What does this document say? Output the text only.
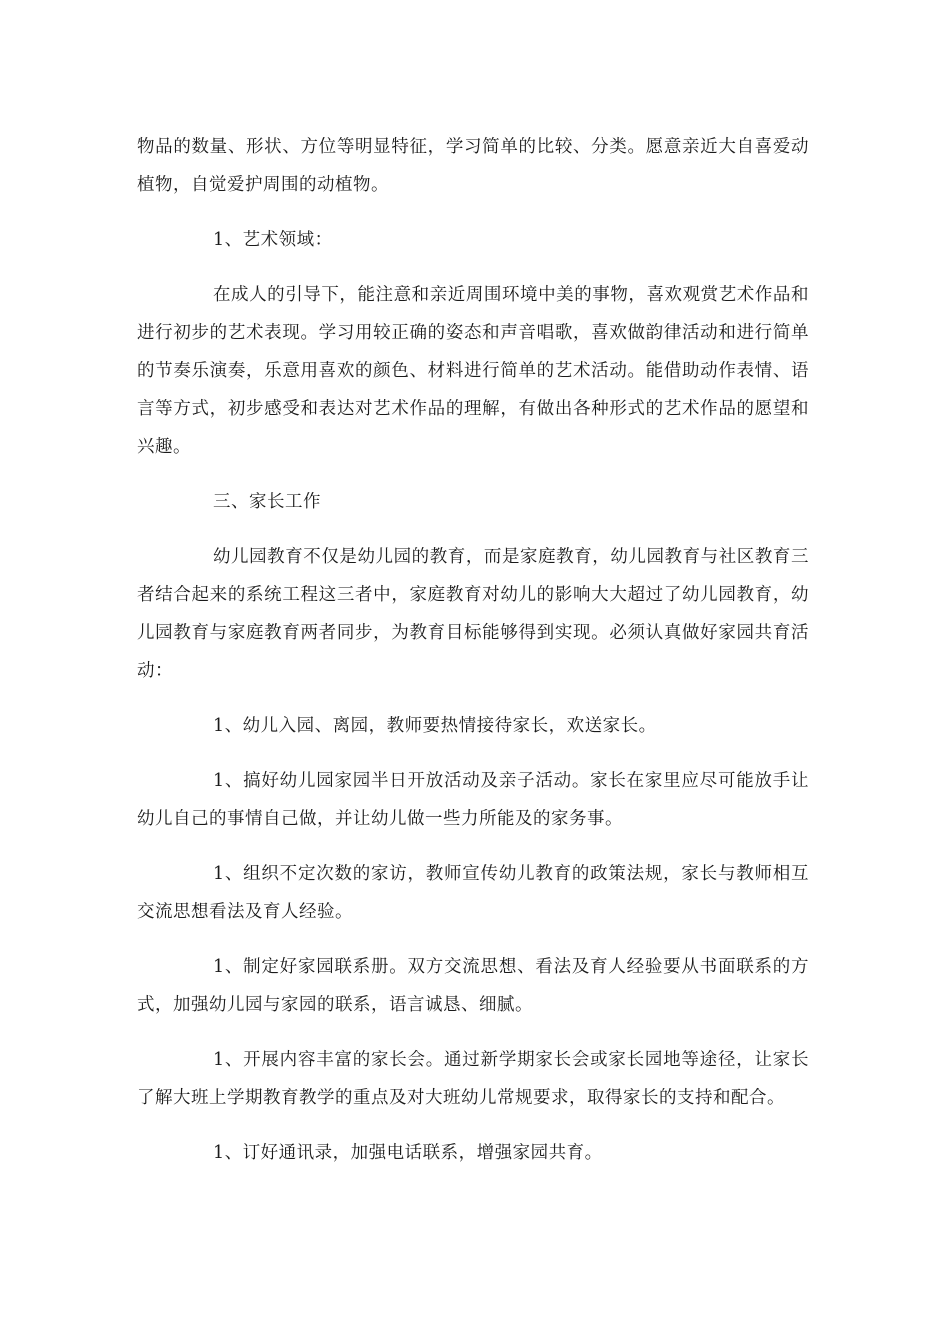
物品的数量、形状、方位等明显特征，学习简单的比较、分类。愿意亲近大自喜爱动植物，自觉爱护周围的动植物。

1、艺术领域：

在成人的引导下，能注意和亲近周围环境中美的事物，喜欢观赏艺术作品和进行初步的艺术表现。学习用较正确的姿态和声音唱歌，喜欢做韵律活动和进行简单的节奏乐演奏，乐意用喜欢的颜色、材料进行简单的艺术活动。能借助动作表情、语言等方式，初步感受和表达对艺术作品的理解，有做出各种形式的艺术作品的愿望和兴趣。

三、家长工作

幼儿园教育不仅是幼儿园的教育，而是家庭教育，幼儿园教育与社区教育三者结合起来的系统工程这三者中，家庭教育对幼儿的影响大大超过了幼儿园教育，幼儿园教育与家庭教育两者同步，为教育目标能够得到实现。必须认真做好家园共育活动：

1、幼儿入园、离园，教师要热情接待家长，欢送家长。

1、搞好幼儿园家园半日开放活动及亲子活动。家长在家里应尽可能放手让幼儿自己的事情自己做，并让幼儿做一些力所能及的家务事。

1、组织不定次数的家访，教师宣传幼儿教育的政策法规，家长与教师相互交流思想看法及育人经验。

1、制定好家园联系册。双方交流思想、看法及育人经验要从书面联系的方式，加强幼儿园与家园的联系，语言诚恳、细腻。

1、开展内容丰富的家长会。通过新学期家长会或家长园地等途径，让家长了解大班上学期教育教学的重点及对大班幼儿常规要求，取得家长的支持和配合。

1、订好通讯录，加强电话联系，增强家园共育。
